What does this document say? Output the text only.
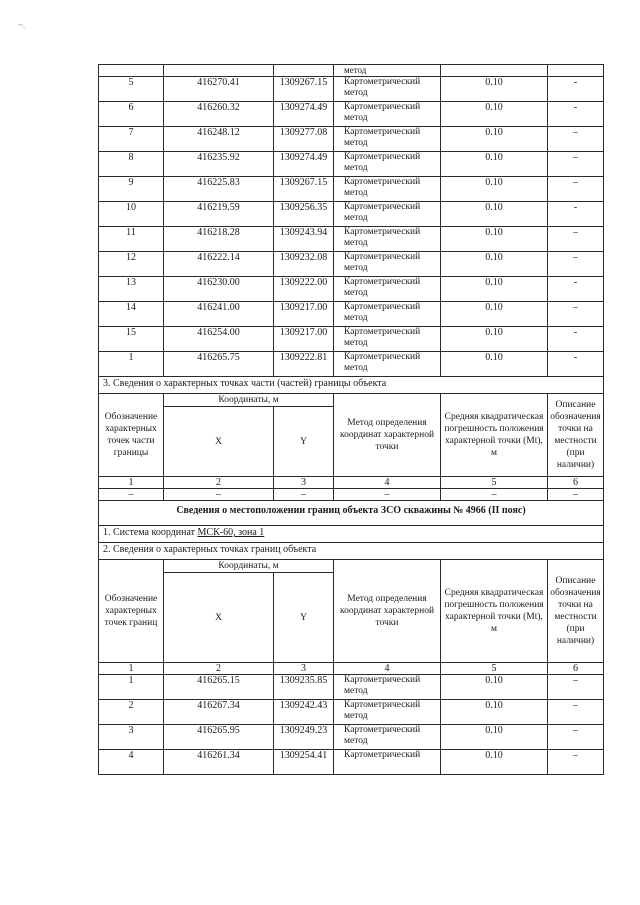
~.
			метод		
5	416270.41	1309267.15	Картометрический метод	0.10	-
6	416260.32	1309274.49	Картометрический метод	0.10	-
7	416248.12	1309277.08	Картометрический метод	0.10	–
8	416235.92	1309274.49	Картометрический метод	0.10	–
9	416225.83	1309267.15	Картометрический метод	0.10	–
10	416219.59	1309256.35	Картометрический метод	0.10	-
11	416218.28	1309243.94	Картометрический метод	0.10	–
12	416222.14	1309232.08	Картометрический метод	0.10	–
13	416230.00	1309222.00	Картометрический метод	0.10	-
14	416241.00	1309217.00	Картометрический метод	0.10	–
15	416254.00	1309217.00	Картометрический метод	0.10	-
1	416265.75	1309222.81	Картометрический метод	0.10	-
3. Сведения о характерных точках части (частей) границы объекта					
Обозначение характерных точек части границы	Координаты, м		Метод определения координат характерной точки	Средняя квадратическая погрешность положения характерной точки (Mt), м	Описание обозначения точки на местности (при наличии)
	X	Y			
1	2	3	4	5	6
–	–	–	–	–	–
Сведения о местоположении границ объекта ЗСО скважины № 4966 (II пояс)					
1. Система координат МСК-60, зона 1					
2. Сведения о характерных точках границ объекта					
Обозначение характерных точек границ	Координаты, м		Метод определения координат характерной точки	Средняя квадратическая погрешность положения характерной точки (Mt), м	Описание обозначения точки на местности (при наличии)
	X	Y			
1	2	3	4	5	6
1	416265.15	1309235.85	Картометрический метод	0.10	–
2	416267.34	1309242.43	Картометрический метод	0.10	–
3	416265.95	1309249.23	Картометрический метод	0.10	–
4	416261.34	1309254.41	Картометрический	0.10	–
